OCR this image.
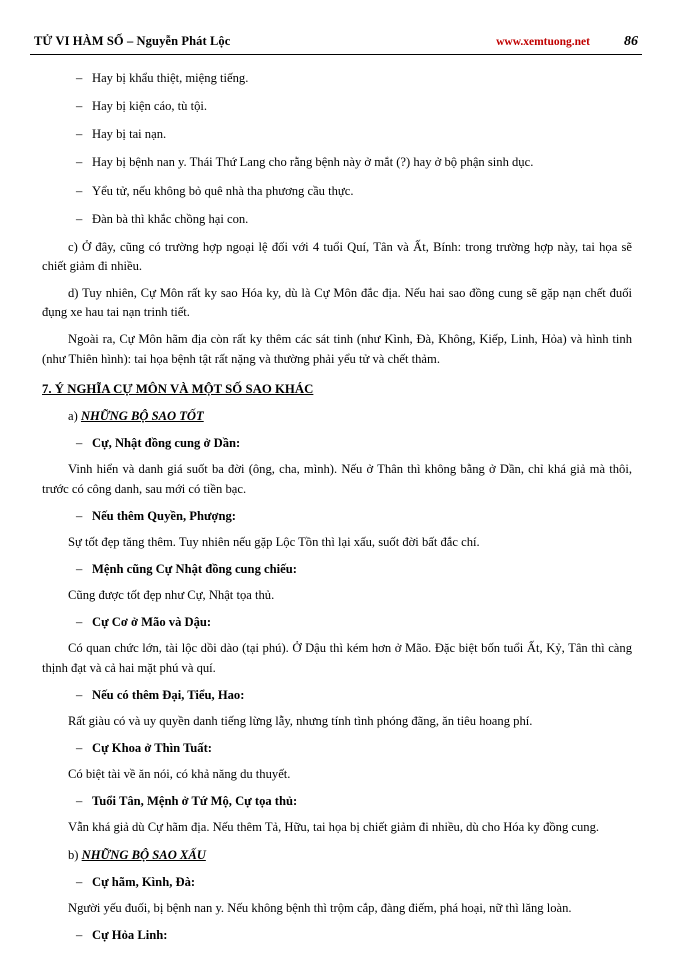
TỬ VI HÀM SỐ – Nguyễn Phát Lộc	www.xemtuong.net 86
– Hay bị khẩu thiệt, miệng tiếng.
– Hay bị kiện cáo, tù tội.
– Hay bị tai nạn.
– Hay bị bệnh nan y. Thái Thứ Lang cho rằng bệnh này ở mắt (?) hay ở bộ phận sinh dục.
– Yểu tử, nếu không bỏ quê nhà tha phương cầu thực.
– Đàn bà thì khắc chồng hại con.

c) Ở đây, cũng có trường hợp ngoại lệ đối với 4 tuổi Quí, Tân và Ất, Bính: trong trường hợp này, tai họa sẽ chiết giảm đi nhiều.

d) Tuy nhiên, Cự Môn rất ky sao Hóa ky, dù là Cự Môn đắc địa. Nếu hai sao đồng cung sẽ gặp nạn chết đuối đụng xe hau tai nạn trinh tiết.

Ngoài ra, Cự Môn hãm địa còn rất ky thêm các sát tinh (như Kình, Đà, Không, Kiếp, Linh, Hỏa) và hình tinh (như Thiên hình): tai họa bệnh tật rất nặng và thường phải yểu tử và chết thảm.

7. Ý NGHĨA CỰ MÔN VÀ MỘT SỐ SAO KHÁC
a) NHỮNG BỘ SAO TỐT
– Cự, Nhật đồng cung ở Dần:

Vinh hiển và danh giá suốt ba đời (ông, cha, mình). Nếu ở Thân thì không bằng ở Dần, chỉ khá giả mà thôi, trước có công danh, sau mới có tiền bạc.

– Nếu thêm Quyền, Phượng:

Sự tốt đẹp tăng thêm. Tuy nhiên nếu gặp Lộc Tồn thì lại xấu, suốt đời bất đắc chí.

– Mệnh cũng Cự Nhật đồng cung chiếu:

Cũng được tốt đẹp như Cự, Nhật tọa thủ.

– Cự Cơ ở Mão và Dậu:

Có quan chức lớn, tài lộc dồi dào (tại phú). Ở Dậu thì kém hơn ở Mão. Đặc biệt bốn tuổi Ất, Kỷ, Tân thì càng thịnh đạt và cả hai mặt phú và quí.

– Nếu có thêm Đại, Tiểu, Hao:

Rất giàu có và uy quyền danh tiếng lừng lẫy, nhưng tính tình phóng đãng, ăn tiêu hoang phí.

– Cự Khoa ở Thìn Tuất:

Có biệt tài về ăn nói, có khả năng du thuyết.

– Tuổi Tân, Mệnh ở Tứ Mộ, Cự tọa thủ:

Vẫn khá giả dù Cự hãm địa. Nếu thêm Tả, Hữu, tai họa bị chiết giảm đi nhiều, dù cho Hóa ky đồng cung.

b) NHỮNG BỘ SAO XẤU
– Cự hãm, Kình, Đà:

Người yếu đuối, bị bệnh nan y. Nếu không bệnh thì trộm cắp, đàng điếm, phá hoại, nữ thì lăng loàn.

– Cự Hỏa Linh:
